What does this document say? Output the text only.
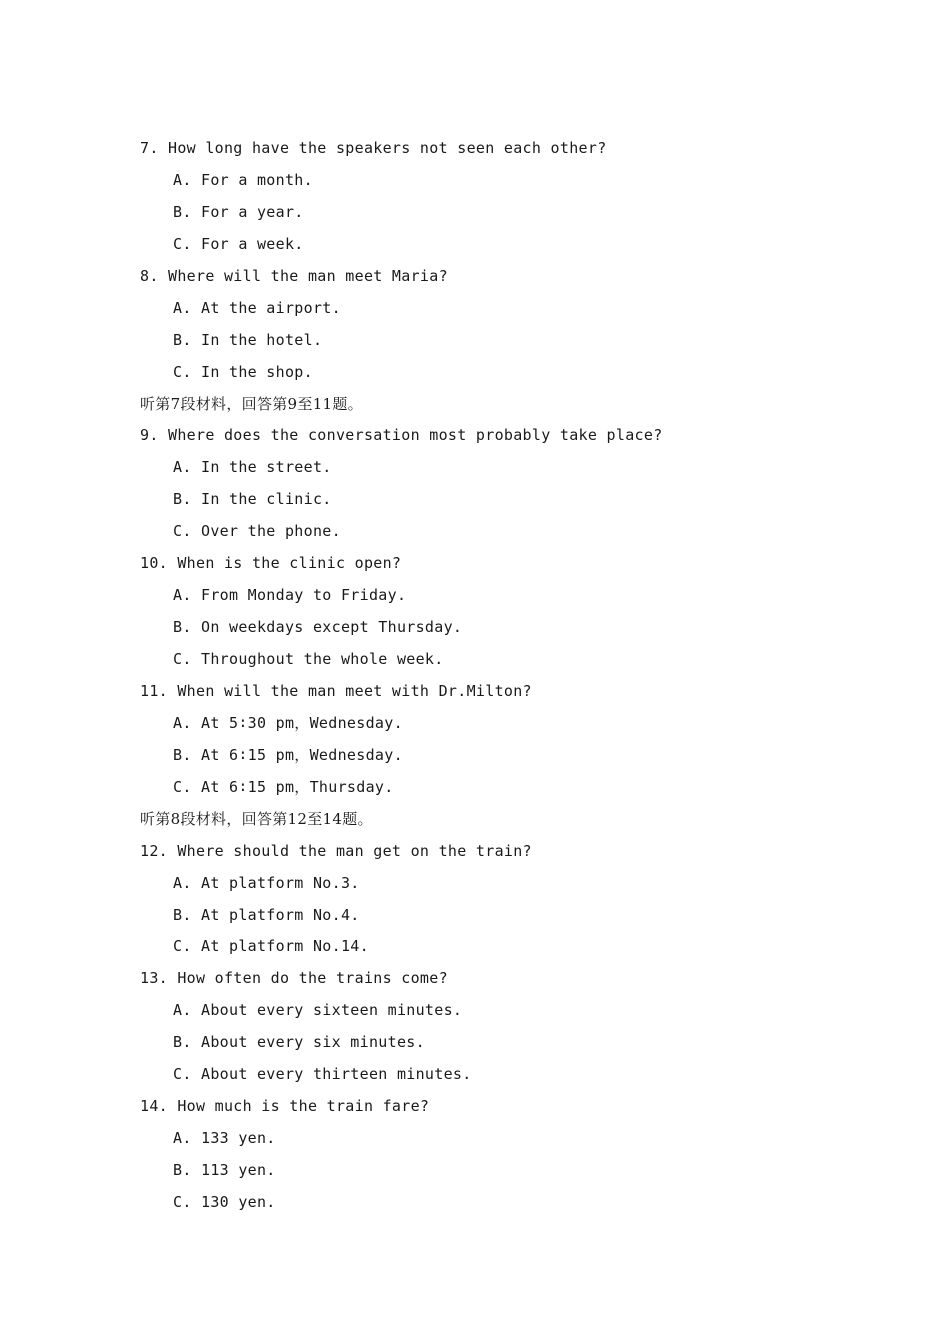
7. How long have the speakers not seen each other?
A. For a month.
B. For a year.
C. For a week.
8. Where will the man meet Maria?
A. At the airport.
B. In the hotel.
C. In the shop.
听第7段材料，回答第9至11题。
9. Where does the conversation most probably take place?
A. In the street.
B. In the clinic.
C. Over the phone.
10. When is the clinic open?
A. From Monday to Friday.
B. On weekdays except Thursday.
C. Throughout the whole week.
11. When will the man meet with Dr.Milton?
A. At 5∶30 pm，Wednesday.
B. At 6∶15 pm，Wednesday.
C. At 6∶15 pm，Thursday.
听第8段材料，回答第12至14题。
12. Where should the man get on the train?
A. At platform No.3.
B. At platform No.4.
C. At platform No.14.
13. How often do the trains come?
A. About every sixteen minutes.
B. About every six minutes.
C. About every thirteen minutes.
14. How much is the train fare?
A. 133 yen.
B. 113 yen.
C. 130 yen.
